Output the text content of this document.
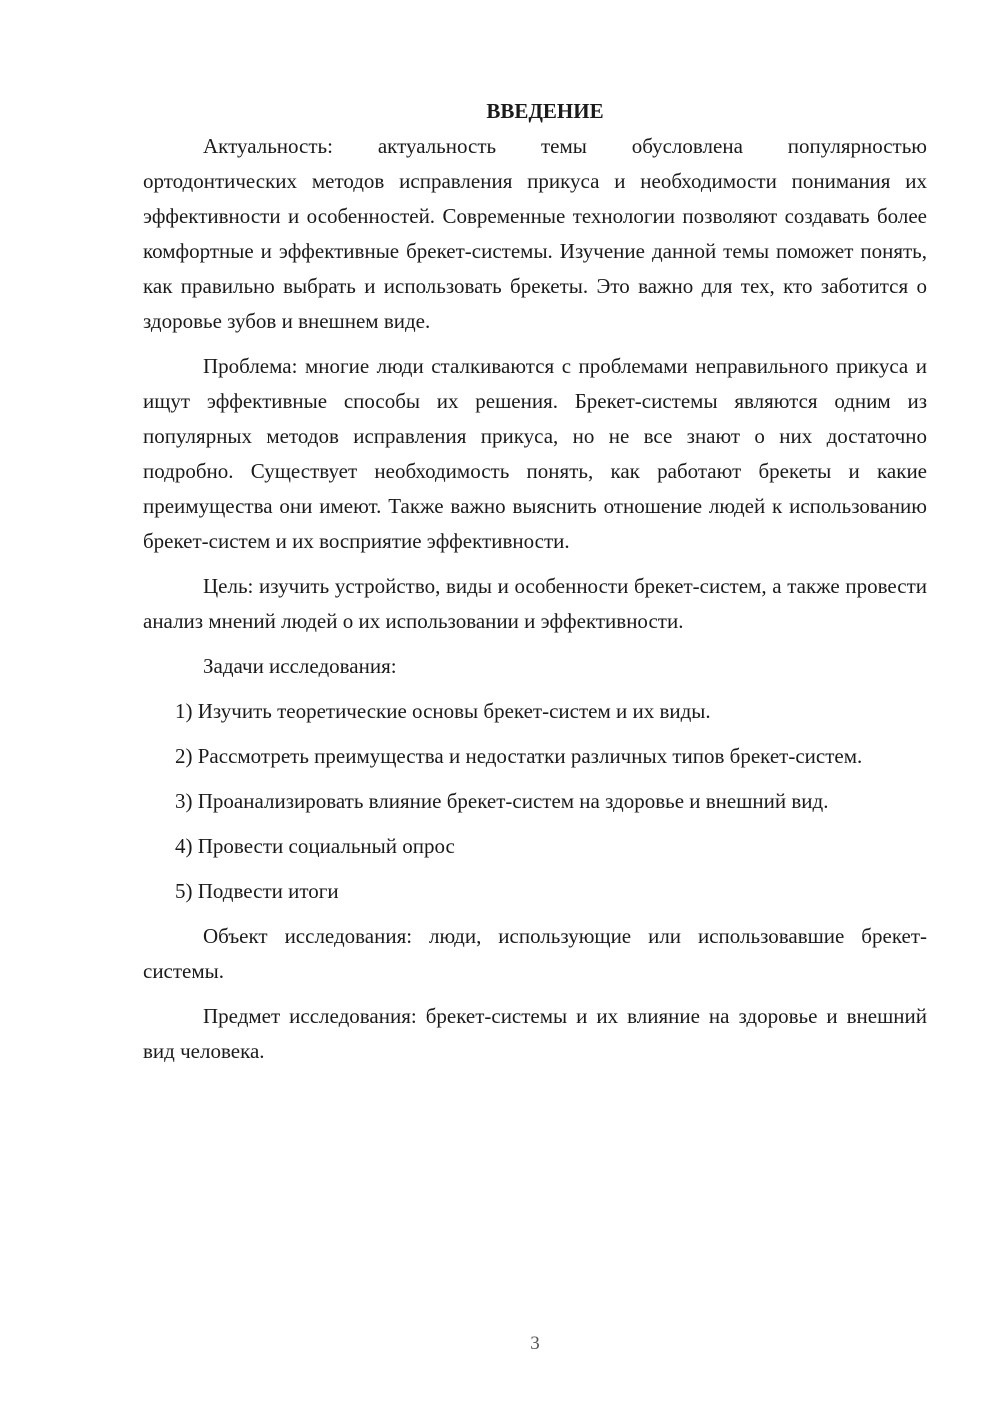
ВВЕДЕНИЕ

Актуальность: актуальность темы обусловлена популярностью ортодонтических методов исправления прикуса и необходимости понимания их эффективности и особенностей. Современные технологии позволяют создавать более комфортные и эффективные брекет-системы. Изучение данной темы поможет понять, как правильно выбрать и использовать брекеты. Это важно для тех, кто заботится о здоровье зубов и внешнем виде.

Проблема: многие люди сталкиваются с проблемами неправильного прикуса и ищут эффективные способы их решения. Брекет-системы являются одним из популярных методов исправления прикуса, но не все знают о них достаточно подробно. Существует необходимость понять, как работают брекеты и какие преимущества они имеют. Также важно выяснить отношение людей к использованию брекет-систем и их восприятие эффективности.

Цель: изучить устройство, виды и особенности брекет-систем, а также провести анализ мнений людей о их использовании и эффективности.

Задачи исследования:

1) Изучить теоретические основы брекет-систем и их виды.

2) Рассмотреть преимущества и недостатки различных типов брекет-систем.

3) Проанализировать влияние брекет-систем на здоровье и внешний вид.

4) Провести социальный опрос

5) Подвести итоги

Объект исследования: люди, использующие или использовавшие брекет-системы.

Предмет исследования: брекет-системы и их влияние на здоровье и внешний вид человека.

3
